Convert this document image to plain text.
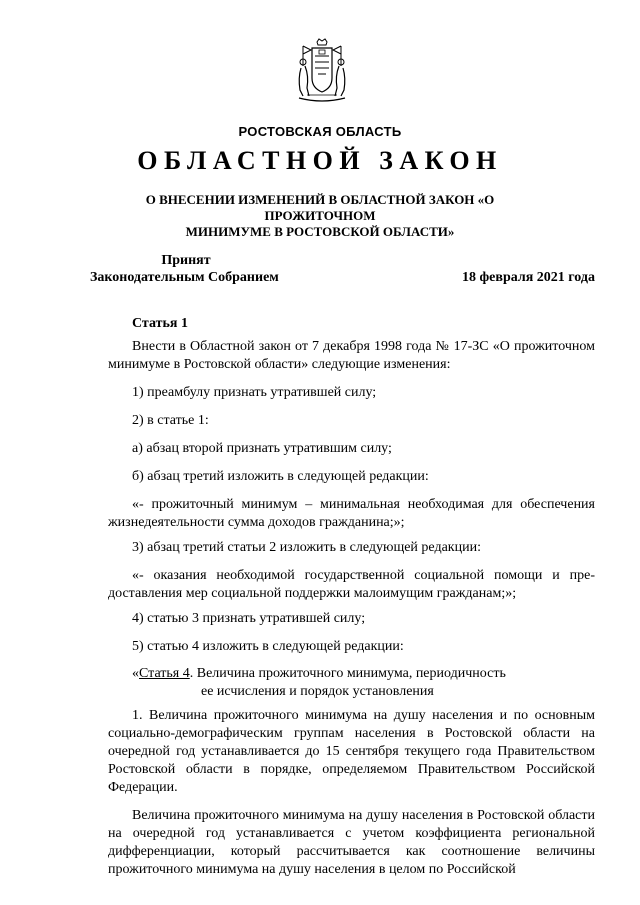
РОСТОВСКАЯ ОБЛАСТЬ
ОБЛАСТНОЙ ЗАКОН
О ВНЕСЕНИИ ИЗМЕНЕНИЙ В ОБЛАСТНОЙ ЗАКОН «О ПРОЖИТОЧНОМ
МИНИМУМЕ В РОСТОВСКОЙ ОБЛАСТИ»
Принят
Законодательным Собранием	18 февраля 2021 года
Статья 1

Внести в Областной закон от 7 декабря 1998 года № 17-ЗС «О прожиточном минимуме в Ростовской области» следующие изменения:

1) преамбулу признать утратившей силу;

2) в статье 1:

а) абзац второй признать утратившим силу;

б) абзац третий изложить в следующей редакции:

«- прожиточный минимум – минимальная необходимая для обеспечения жизнедеятельности сумма доходов гражданина;»;

3) абзац третий статьи 2 изложить в следующей редакции:

«- оказания необходимой государственной социальной помощи и предоставления мер социальной поддержки малоимущим гражданам;»;

4) статью 3 признать утратившей силу;

5) статью 4 изложить в следующей редакции:

«Статья 4. Величина прожиточного минимума, периодичность
ее исчисления и порядок установления

1. Величина прожиточного минимума на душу населения и по основным социально-демографическим группам населения в Ростовской области на очередной год устанавливается до 15 сентября текущего года Правительством Ростовской области в порядке, определяемом Правительством Российской Федерации.

Величина прожиточного минимума на душу населения в Ростовской области на очередной год устанавливается с учетом коэффициента региональной дифференциации, который рассчитывается как соотношение величины прожиточного минимума на душу населения в целом по Российской
